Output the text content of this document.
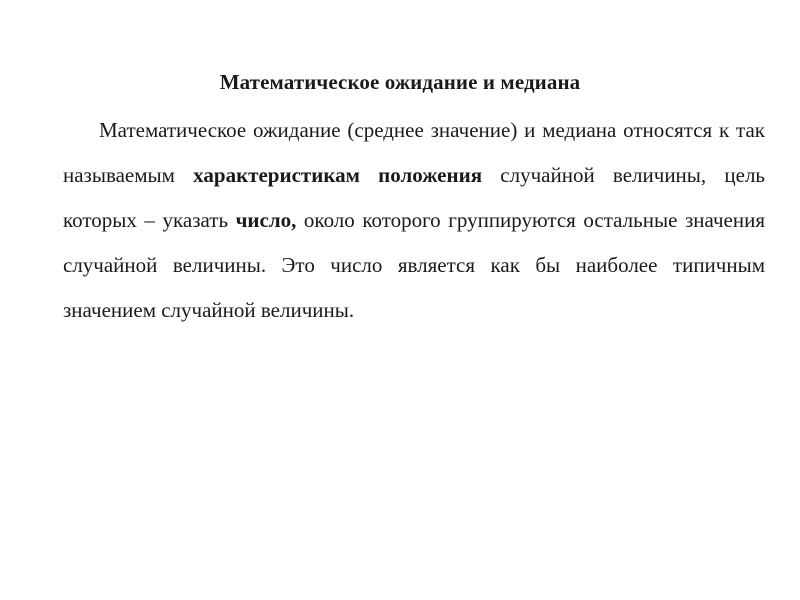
Математическое ожидание и медиана

Математическое ожидание (среднее значение) и медиана относятся к так называемым характеристикам положения случайной величины, цель которых – указать число, около которого группируются остальные значения случайной величины. Это число является как бы наиболее типичным значением случайной величины.
